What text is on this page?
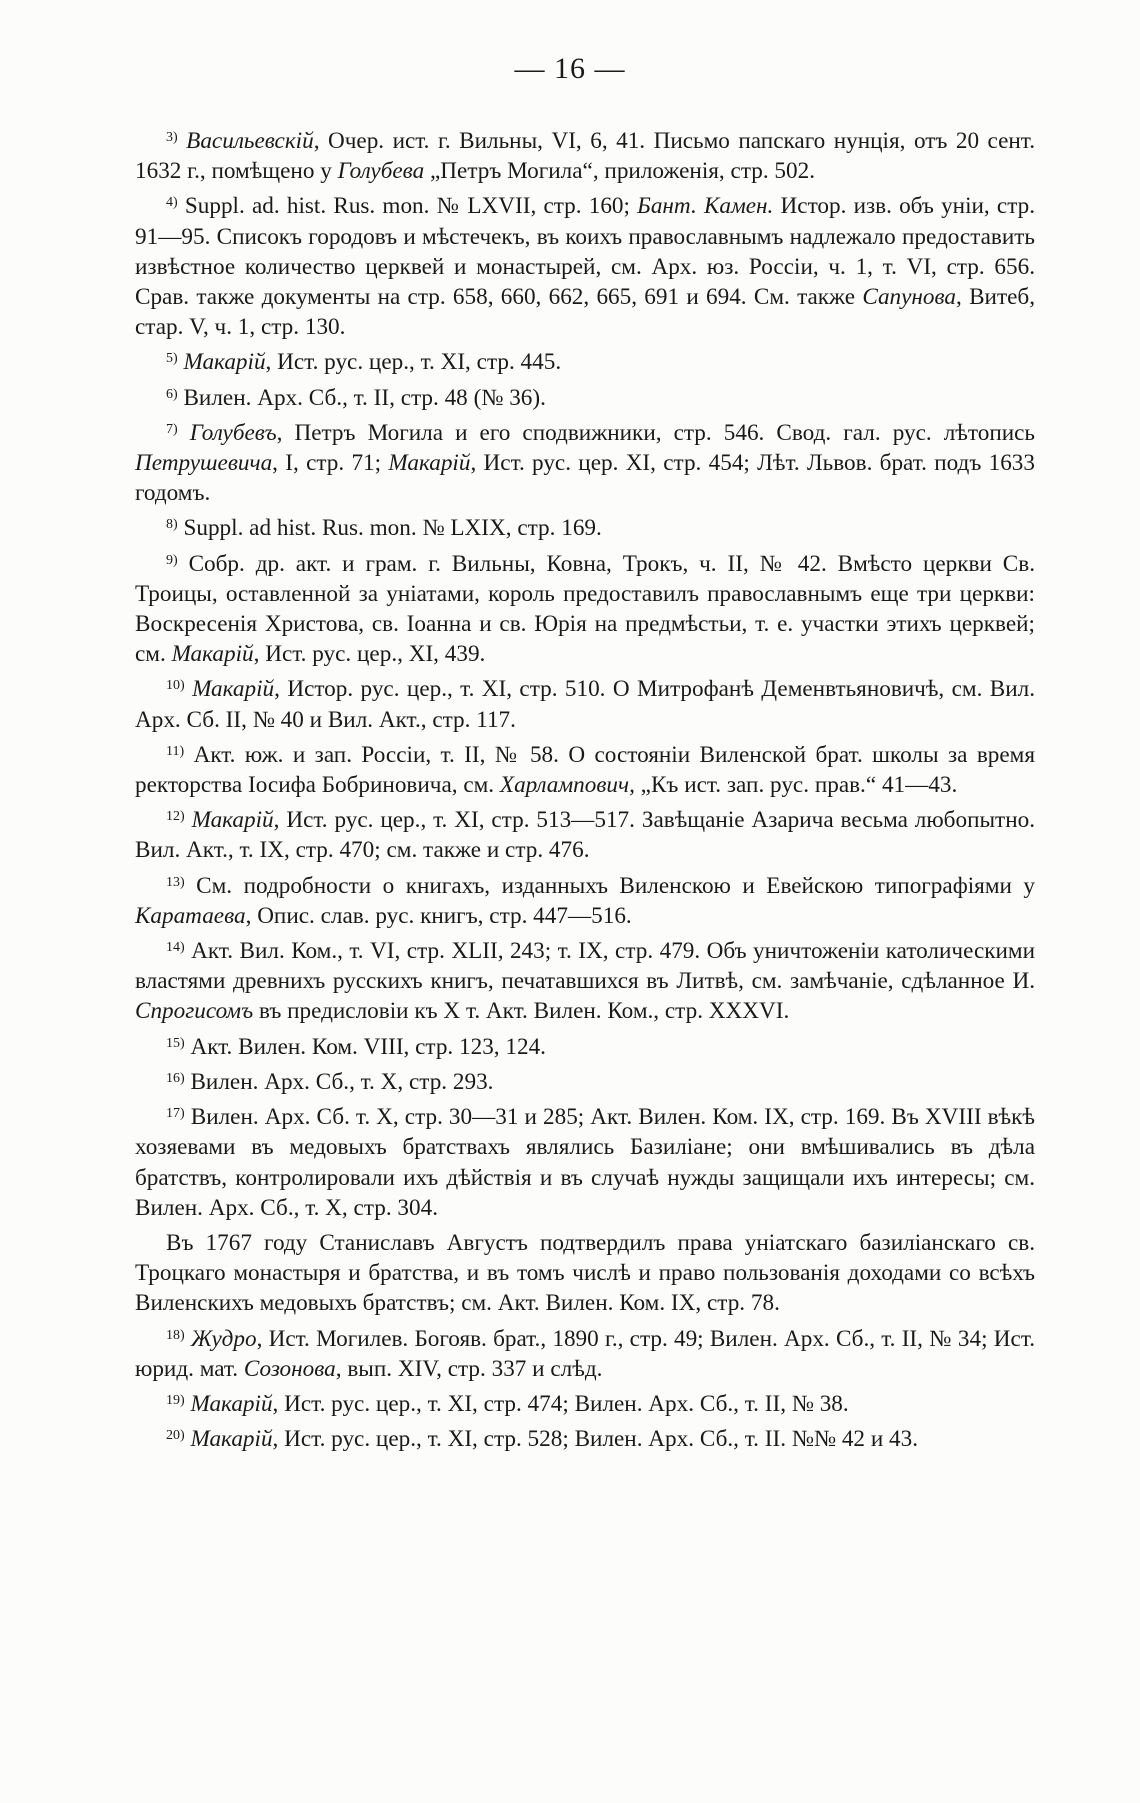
— 16 —

$^3$ ) Васильевскій, Очер. ист. г. Вильны, VI, 6, 41. Письмо папскаго нунція, отъ 20 сент. 1632 г., помѣщено у Голубева „Петръ Могила“, приложенія, стр. 502.

$^4$ ) Suppl. ad. hist. Rus. mon. № LXVII, стр. 160; Бант. Камен. Истор. изв. объ уніи, стр. 91—95. Списокъ городовъ и мѣстечекъ, въ коихъ православнымъ надлежало предоставить извѣстное количество церквей и монастырей, см. Арх. юз. Россіи, ч. 1, т. VI, стр. 656. Срав. также документы на стр. 658, 660, 662, 665, 691 и 694. См. также Сапунова, Витеб, стар. V, ч. 1, стр. 130.

$^5$ ) Макарій, Ист. рус. цер., т. XI, стр. 445.

$^6$ ) Вилен. Арх. Сб., т. II, стр. 48 (№ 36).

$^7$ ) Голубевъ, Петръ Могила и его сподвижники, стр. 546. Свод. гал. рус. лѣтопись Петрушевича, I, стр. 71; Макарій, Ист. рус. цер. XI, стр. 454; Лѣт. Львов. брат. подъ 1633 годомъ.

$^8$ ) Suppl. ad hist. Rus. mon. № LXIX, стр. 169.

$^9$ ) Собр. др. акт. и грам. г. Вильны, Ковна, Трокъ, ч. II, № 42. Вмѣсто церкви Св. Троицы, оставленной за уніатами, король предоставилъ православнымъ еще три церкви: Воскресенія Христова, св. Іоанна и св. Юрія на предмѣстьи, т. е. участки этихъ церквей; см. Макарій, Ист. рус. цер., XI, 439.

$^{10}$ ) Макарій, Истор. рус. цер., т. XI, стр. 510. О Митрофанѣ Деменвтьяновичѣ, см. Вил. Арх. Сб. II, № 40 и Вил. Акт., стр. 117.

$^{11}$ ) Акт. юж. и зап. Россіи, т. II, № 58. О состояніи Виленской брат. школы за время ректорства Іосифа Бобриновича, см. Харлампович, „Къ ист. зап. рус. прав.“ 41—43.

$^{12}$ ) Макарій, Ист. рус. цер., т. XI, стр. 513—517. Завѣщаніе Азарича весьма любопытно. Вил. Акт., т. IX, стр. 470; см. также и стр. 476.

$^{13}$ ) См. подробности о книгахъ, изданныхъ Виленскою и Евейскою типографіями у Каратаева, Опис. слав. рус. книгъ, стр. 447—516.

$^{14}$ ) Акт. Вил. Ком., т. VI, стр. XLII, 243; т. IX, стр. 479. Объ уничтоженіи католическими властями древнихъ русскихъ книгъ, печатавшихся въ Литвѣ, см. замѣчаніе, сдѣланное И. Спрогисомъ въ предисловіи къ X т. Акт. Вилен. Ком., стр. XXXVI.

$^{15}$ ) Акт. Вилен. Ком. VIII, стр. 123, 124.

$^{16}$ ) Вилен. Арх. Сб., т. X, стр. 293.

$^{17}$ ) Вилен. Арх. Сб. т. X, стр. 30—31 и 285; Акт. Вилен. Ком. IX, стр. 169. Въ XVIII вѣкѣ хозяевами въ медовыхъ братствахъ являлись Базиліане; они вмѣшивались въ дѣла братствъ, контролировали ихъ дѣйствія и въ случаѣ нужды защищали ихъ интересы; см. Вилен. Арх. Сб., т. X, стр. 304.

Въ 1767 году Станиславъ Августъ подтвердилъ права уніатскаго базиліанскаго св. Троцкаго монастыря и братства, и въ томъ числѣ и право пользованія доходами со всѣхъ Виленскихъ медовыхъ братствъ; см. Акт. Вилен. Ком. IX, стр. 78.

$^{18}$ ) Жудро, Ист. Могилев. Богояв. брат., 1890 г., стр. 49; Вилен. Арх. Сб., т. II, № 34; Ист. юрид. мат. Созонова, вып. XIV, стр. 337 и слѣд.

$^{19}$ ) Макарій, Ист. рус. цер., т. XI, стр. 474; Вилен. Арх. Сб., т. II, № 38.

$^{20}$ ) Макарій, Ист. рус. цер., т. XI, стр. 528; Вилен. Арх. Сб., т. II. №№ 42 и 43.
